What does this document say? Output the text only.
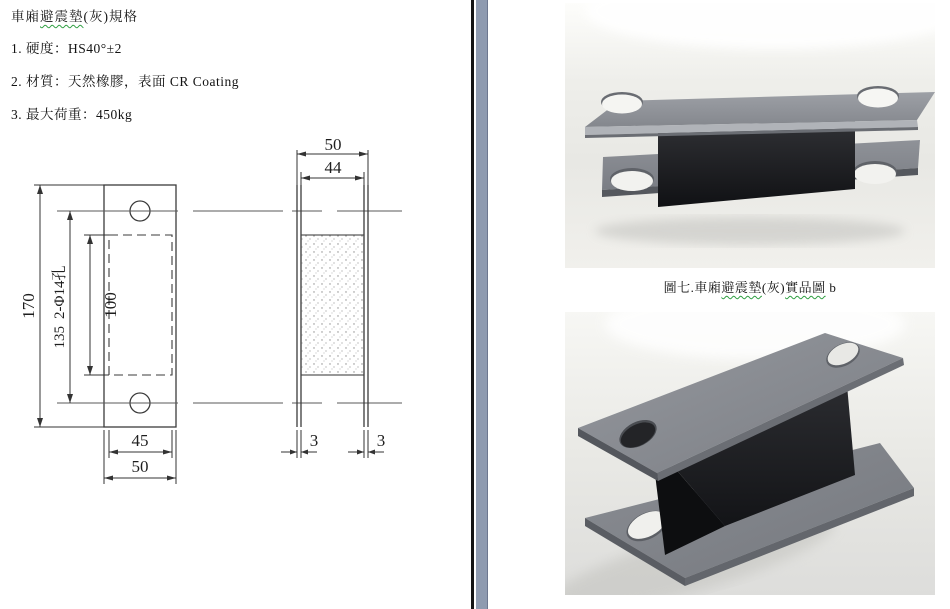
車廂避震墊(灰)規格
1. 硬度：HS40°±2
2. 材質：天然橡膠，表面 CR Coating
3. 最大荷重：450kg
170
1352-Φ14孔 100
45
50
50
44
3	3
圖七.車廂避震墊(灰)實品圖 b
